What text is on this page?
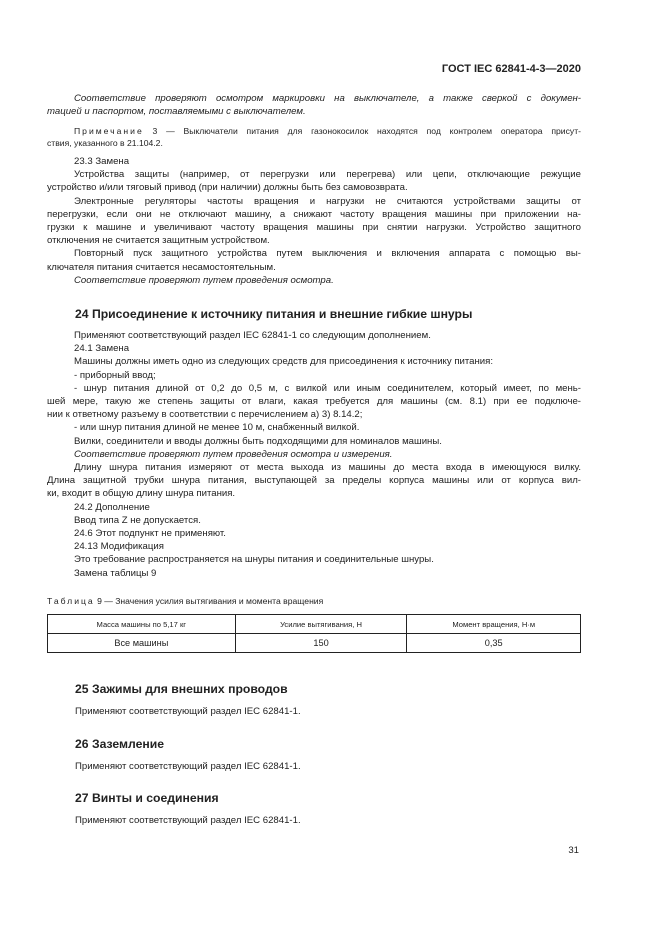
ГОСТ IEC 62841-4-3—2020
Соответствие проверяют осмотром маркировки на выключателе, а также сверкой с докумен-
тацией и паспортом, поставляемыми с выключателем.
Примечание 3 — Выключатели питания для газонокосилок находятся под контролем оператора присут-
ствия, указанного в 21.104.2.
23.3 Замена
Устройства защиты (например, от перегрузки или перегрева) или цепи, отключающие режущие
устройство и/или тяговый привод (при наличии) должны быть без самовозврата.
Электронные регуляторы частоты вращения и нагрузки не считаются устройствами защиты от
перегрузки, если они не отключают машину, а снижают частоту вращения машины при приложении на-
грузки к машине и увеличивают частоту вращения машины при снятии нагрузки. Устройство защитного
отключения не считается защитным устройством.
Повторный пуск защитного устройства путем выключения и включения аппарата с помощью вы-
ключателя питания считается несамостоятельным.
Соответствие проверяют путем проведения осмотра.
24 Присоединение к источнику питания и внешние гибкие шнуры
Применяют соответствующий раздел IEC 62841-1 со следующим дополнением.
24.1 Замена
Машины должны иметь одно из следующих средств для присоединения к источнику питания:
- приборный ввод;
- шнур питания длиной от 0,2 до 0,5 м, с вилкой или иным соединителем, который имеет, по мень-
шей мере, такую же степень защиты от влаги, какая требуется для машины (см. 8.1) при ее подключе-
нии к ответному разъему в соответствии с перечислением а) 3) 8.14.2;
- или шнур питания длиной не менее 10 м, снабженный вилкой.
Вилки, соединители и вводы должны быть подходящими для номиналов машины.
Соответствие проверяют путем проведения осмотра и измерения.
Длину шнура питания измеряют от места выхода из машины до места входа в имеющуюся вилку.
Длина защитной трубки шнура питания, выступающей за пределы корпуса машины или от корпуса вил-
ки, входит в общую длину шнура питания.
24.2 Дополнение
Ввод типа Z не допускается.
24.6 Этот подпункт не применяют.
24.13 Модификация
Это требование распространяется на шнуры питания и соединительные шнуры.
Замена таблицы 9
Таблица 9 — Значения усилия вытягивания и момента вращения
Масса машины по 5,17 кг	Усилие вытягивания, Н	Момент вращения, Н·м
Все машины	150	0,35
25 Зажимы для внешних проводов
Применяют соответствующий раздел IEC 62841-1.
26 Заземление
Применяют соответствующий раздел IEC 62841-1.
27 Винты и соединения
Применяют соответствующий раздел IEC 62841-1.
31
